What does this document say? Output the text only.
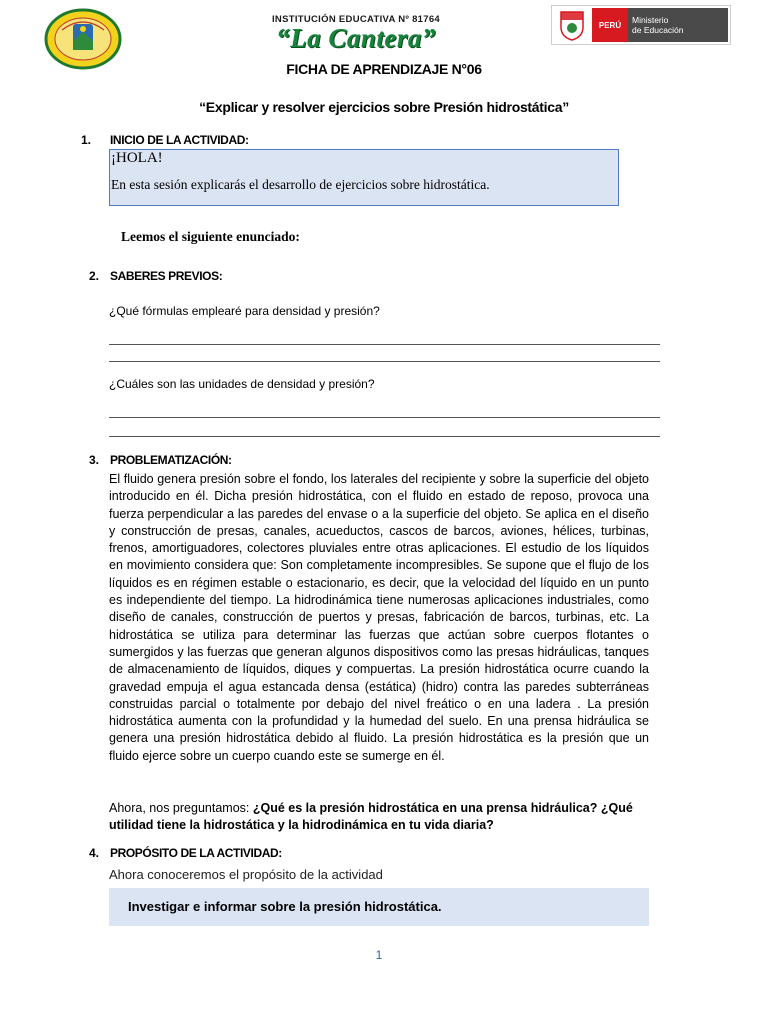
INSTITUCIÓN EDUCATIVA Nº 81764
“La Cantera”	PERÚ	Ministerio
de Educación
FICHA DE APRENDIZAJE N°06
“Explicar y resolver ejercicios sobre Presión hidrostática”
1. INICIO DE LA ACTIVIDAD:
¡HOLA!
En esta sesión explicarás el desarrollo de ejercicios sobre hidrostática.
Leemos el siguiente enunciado:
2. SABERES PREVIOS:
¿Qué fórmulas emplearé para densidad y presión?
¿Cuáles son las unidades de densidad y presión?
3. PROBLEMATIZACIÓN:
El fluido genera presión sobre el fondo, los laterales del recipiente y sobre la superficie del objeto introducido en él. Dicha presión hidrostática, con el fluido en estado de reposo, provoca una fuerza perpendicular a las paredes del envase o a la superficie del objeto. Se aplica en el diseño y construcción de presas, canales, acueductos, cascos de barcos, aviones, hélices, turbinas, frenos, amortiguadores, colectores pluviales entre otras aplicaciones. El estudio de los líquidos en movimiento considera que: Son completamente incompresibles. Se supone que el flujo de los líquidos es en régimen estable o estacionario, es decir, que la velocidad del líquido en un punto es independiente del tiempo. La hidrodinámica tiene numerosas aplicaciones industriales, como diseño de canales, construcción de puertos y presas, fabricación de barcos, turbinas, etc. La hidrostática se utiliza para determinar las fuerzas que actúan sobre cuerpos flotantes o sumergidos y las fuerzas que generan algunos dispositivos como las presas hidráulicas, tanques de almacenamiento de líquidos, diques y compuertas. La presión hidrostática ocurre cuando la gravedad empuja el agua estancada densa (estática) (hidro) contra las paredes subterráneas construidas parcial o totalmente por debajo del nivel freático o en una ladera . La presión hidrostática aumenta con la profundidad y la humedad del suelo. En una prensa hidráulica se genera una presión hidrostática debido al fluido. La presión hidrostática es la presión que un fluido ejerce sobre un cuerpo cuando este se sumerge en él.
Ahora, nos preguntamos: ¿Qué es la presión hidrostática en una prensa hidráulica? ¿Qué utilidad tiene la hidrostática y la hidrodinámica en tu vida diaria?
4. PROPÓSITO DE LA ACTIVIDAD:
Ahora conoceremos el propósito de la actividad
Investigar e informar sobre la presión hidrostática.
1
